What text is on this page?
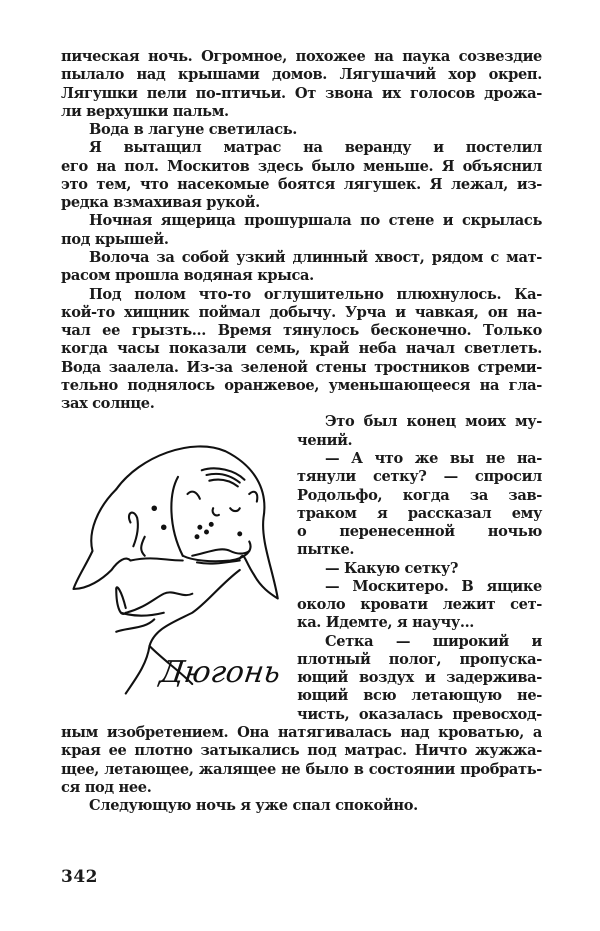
пическая ночь. Огромное, похожее на паука созвездие
пылало над крышами домов. Лягушачий хор окреп.
Лягушки пели по-птичьи. От звона их голосов дрожа-
ли верхушки пальм.
Вода в лагуне светилась.
Я вытащил матрас на веранду и постелил
его на пол. Москитов здесь было меньше. Я объяснил
это тем, что насекомые боятся лягушек. Я лежал, из-
редка взмахивая рукой.
Ночная ящерица прошуршала по стене и скрылась
под крышей.
Волоча за собой узкий длинный хвост, рядом с мат-
расом прошла водяная крыса.
Под полом что-то оглушительно плюхнулось. Ка-
кой-то хищник поймал добычу. Урча и чавкая, он на-
чал ее грызть... Время тянулось бесконечно. Только
когда часы показали семь, край неба начал светлеть.
Вода заалела. Из-за зеленой стены тростников стреми-
тельно поднялось оранжевое, уменьшающееся на гла-
зах солнце.
Это был конец моих му-
чений.
— А что же вы не на-
тянули сетку? — спросил
Родольфо, когда за зав-
траком я рассказал ему
о перенесенной ночью
пытке.
— Какую сетку?
— Москитеро. В ящике
около кровати лежит сет-
ка. Идемте, я научу...
Сетка — широкий и
плотный полог, пропуска-
ющий воздух и задержива-
ющий всю летающую не-
чисть, оказалась превосход-
ным изобретением. Она натягивалась над кроватью, а
края ее плотно затыкались под матрас. Ничто жужжа-
щее, летающее, жалящее не было в состоянии пробрать-
ся под нее.
Следующую ночь я уже спал спокойно.
Дюгонь
342
